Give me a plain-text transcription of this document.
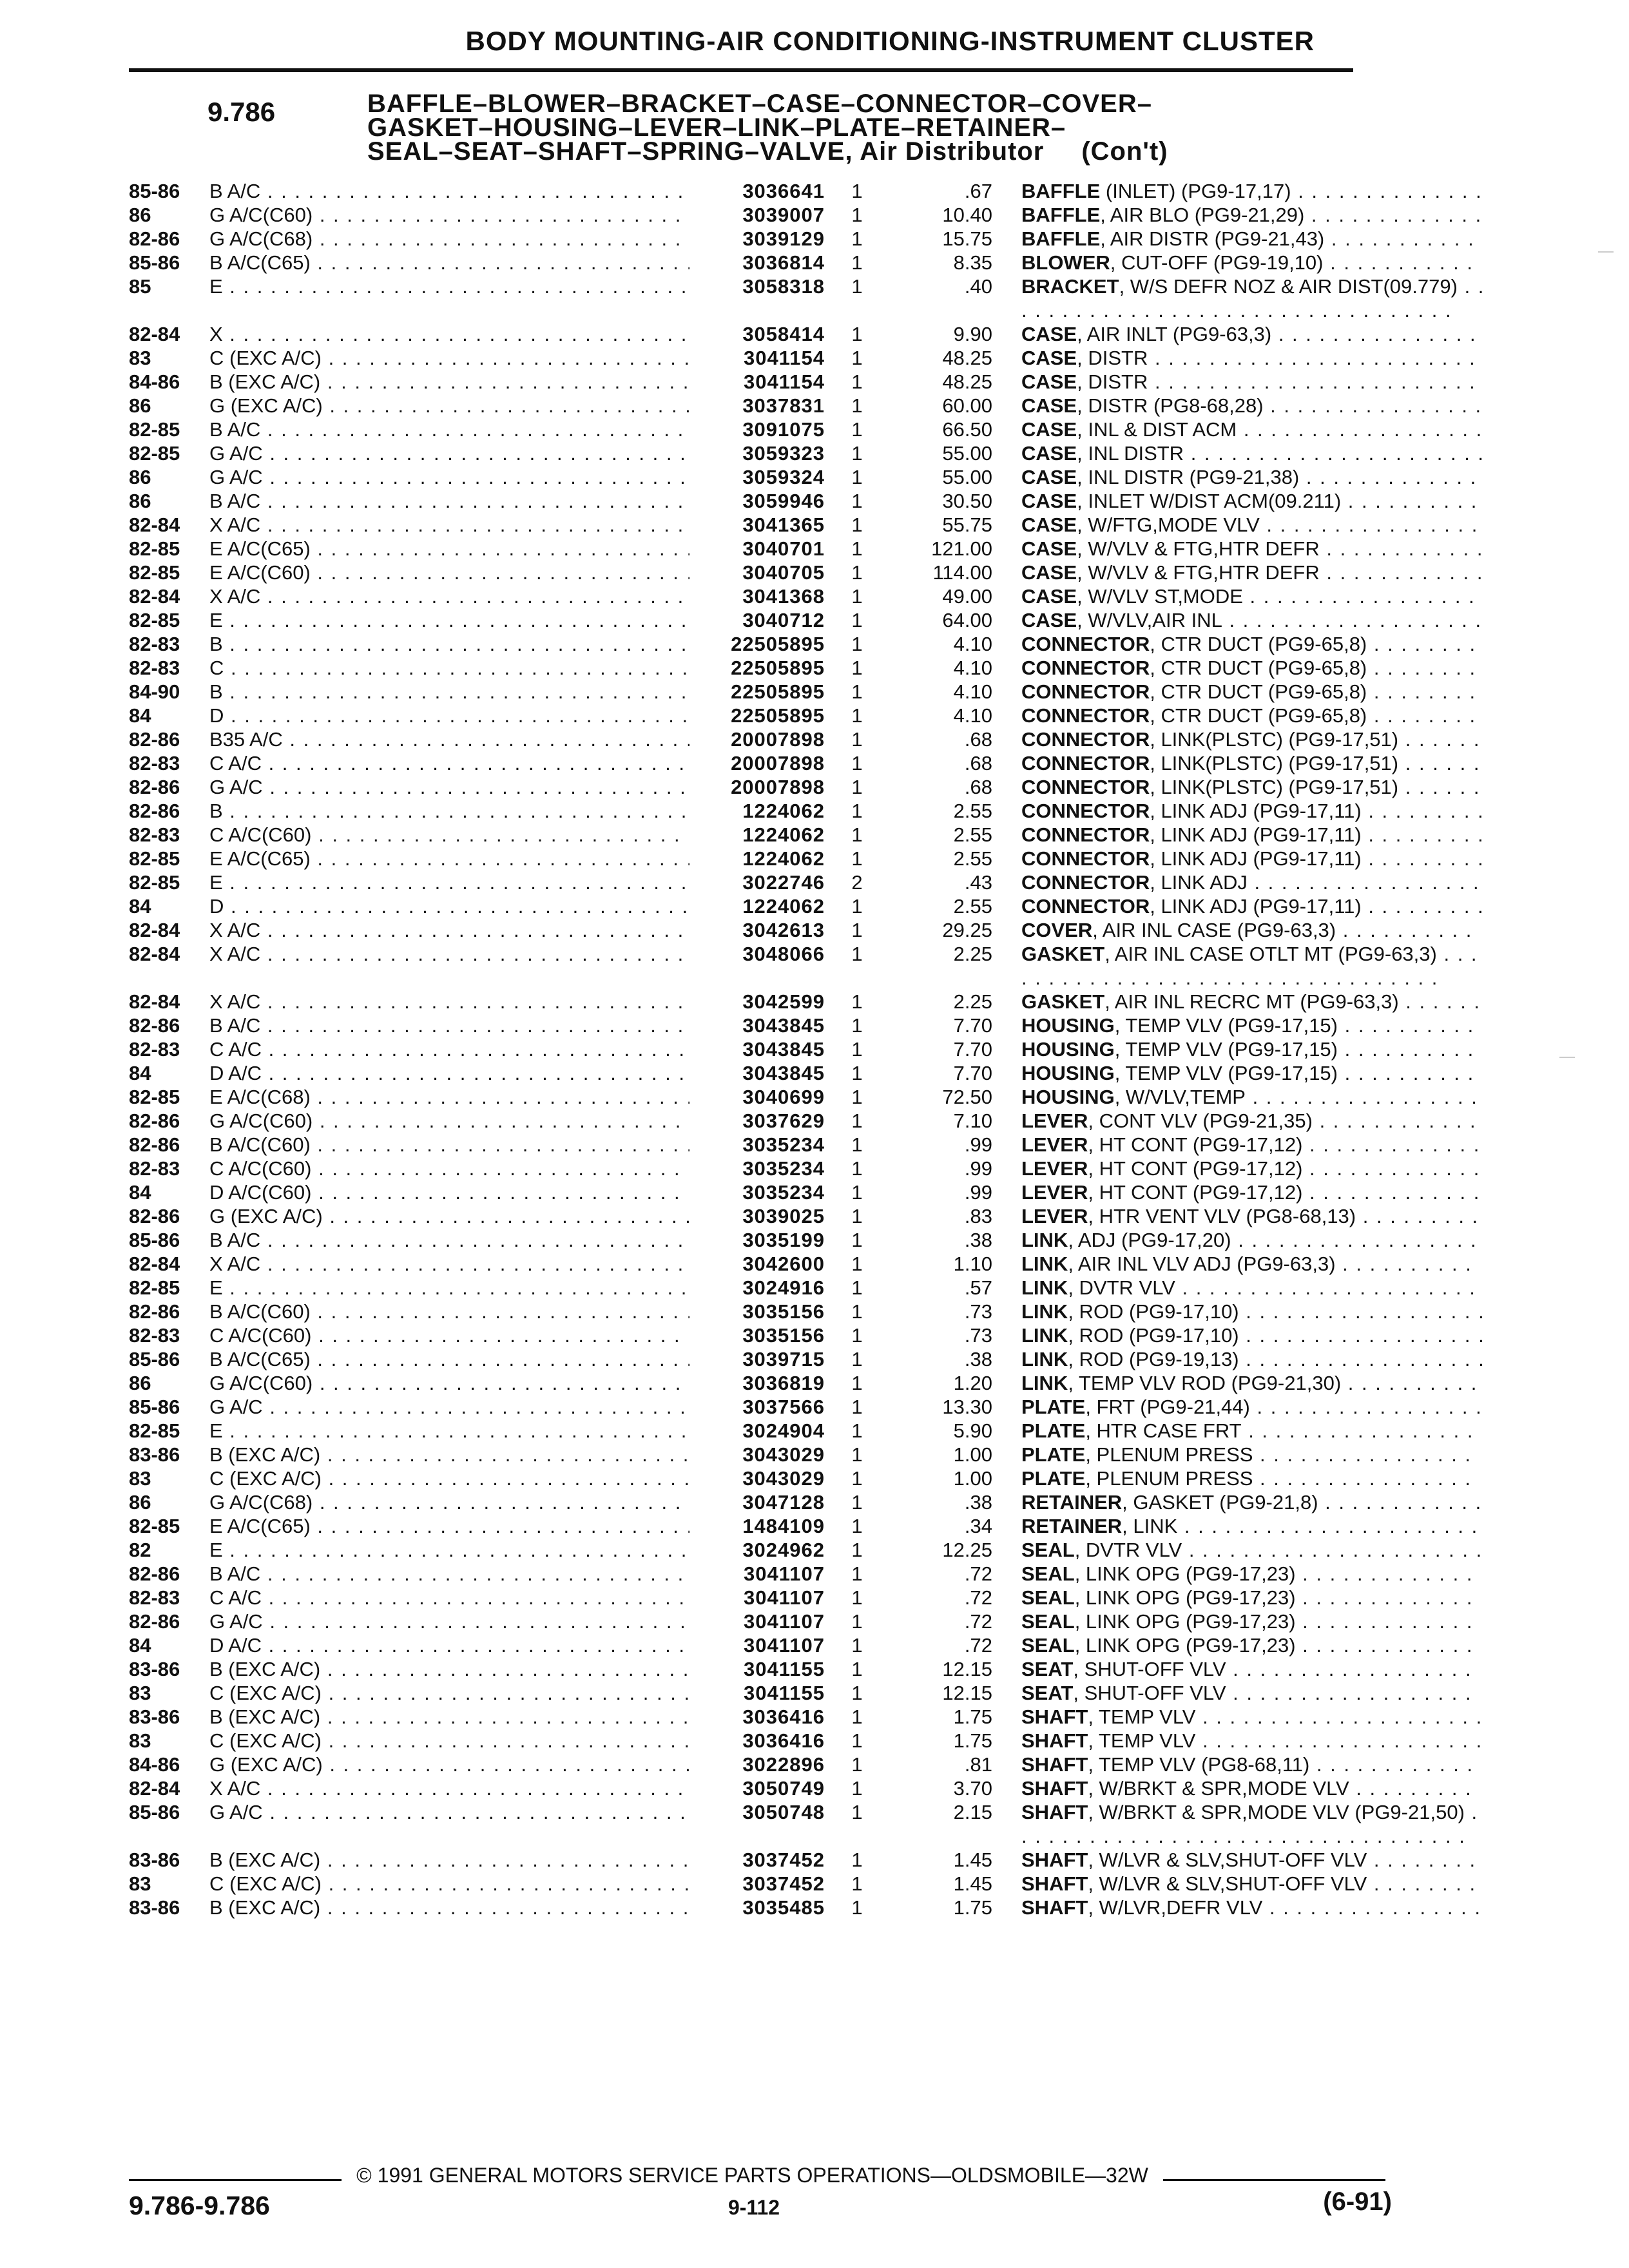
BODY MOUNTING-AIR CONDITIONING-INSTRUMENT CLUSTER
9.786	BAFFLE–BLOWER–BRACKET–CASE–CONNECTOR–COVER–
GASKET–HOUSING–LEVER–LINK–PLATE–RETAINER–
SEAL–SEAT–SHAFT–SPRING–VALVE, Air Distributor (Con't)
85-86	B A/C . . .	3036641	1	.67 BAFFLE (INLET) (PG9-17,17) . . . . . . . . . . . . . .
86	G A/C(C60) . . .	3039007	1	10.40 BAFFLE, AIR BLO (PG9-21,29) . . . . . . . . . . . . .
82-86	G A/C(C68) . . .	3039129	1	15.75 BAFFLE, AIR DISTR (PG9-21,43) . . . . . . . . . . .
85-86	B A/C(C65) . . .	3036814	1	8.35 BLOWER, CUT-OFF (PG9-19,10) . . . . . . . . . . .
85	E . . .	3058318	1	.40 BRACKET, W/S DEFR NOZ & AIR DIST(09.779) . . . . . . . . . . . . . . . . . . . . . . . . . . . . . . . . . .
82-84	X . . .	3058414	1	9.90 CASE, AIR INLT (PG9-63,3) . . . . . . . . . . . . . . .
83	C (EXC A/C) . . .	3041154	1	48.25 CASE, DISTR . . . . . . . . . . . . . . . . . . . . . . . .
84-86	B (EXC A/C) . . .	3041154	1	48.25 CASE, DISTR . . . . . . . . . . . . . . . . . . . . . . . .
86	G (EXC A/C) . . .	3037831	1	60.00 CASE, DISTR (PG8-68,28) . . . . . . . . . . . . . . . .
82-85	B A/C . . .	3091075	1	66.50 CASE, INL & DIST ACM . . . . . . . . . . . . . . . . . .
82-85	G A/C . . .	3059323	1	55.00 CASE, INL DISTR . . . . . . . . . . . . . . . . . . . . . .
86	G A/C . . .	3059324	1	55.00 CASE, INL DISTR (PG9-21,38) . . . . . . . . . . . . .
86	B A/C . . .	3059946	1	30.50 CASE, INLET W/DIST ACM(09.211) . . . . . . . . . .
82-84	X A/C . . .	3041365	1	55.75 CASE, W/FTG,MODE VLV . . . . . . . . . . . . . . . .
82-85	E A/C(C65) . . .	3040701	1	121.00 CASE, W/VLV & FTG,HTR DEFR . . . . . . . . . . . .
82-85	E A/C(C60) . . .	3040705	1	114.00 CASE, W/VLV & FTG,HTR DEFR . . . . . . . . . . . .
82-84	X A/C . . .	3041368	1	49.00 CASE, W/VLV ST,MODE . . . . . . . . . . . . . . . . .
82-85	E . . .	3040712	1	64.00 CASE, W/VLV,AIR INL . . . . . . . . . . . . . . . . . . .
82-83	B . . .	22505895	1	4.10 CONNECTOR, CTR DUCT (PG9-65,8) . . . . . . . .
82-83	C . . .	22505895	1	4.10 CONNECTOR, CTR DUCT (PG9-65,8) . . . . . . . .
84-90	B . . .	22505895	1	4.10 CONNECTOR, CTR DUCT (PG9-65,8) . . . . . . . .
84	D . . .	22505895	1	4.10 CONNECTOR, CTR DUCT (PG9-65,8) . . . . . . . .
82-86	B35 A/C . . .	20007898	1	.68 CONNECTOR, LINK(PLSTC) (PG9-17,51) . . . . . .
82-83	C A/C . . .	20007898	1	.68 CONNECTOR, LINK(PLSTC) (PG9-17,51) . . . . . .
82-86	G A/C . . .	20007898	1	.68 CONNECTOR, LINK(PLSTC) (PG9-17,51) . . . . . .
82-86	B . . .	1224062	1	2.55 CONNECTOR, LINK ADJ (PG9-17,11) . . . . . . . . .
82-83	C A/C(C60) . . .	1224062	1	2.55 CONNECTOR, LINK ADJ (PG9-17,11) . . . . . . . . .
82-85	E A/C(C65) . . .	1224062	1	2.55 CONNECTOR, LINK ADJ (PG9-17,11) . . . . . . . . .
82-85	E . . .	3022746	2	.43 CONNECTOR, LINK ADJ . . . . . . . . . . . . . . . . .
84	D . . .	1224062	1	2.55 CONNECTOR, LINK ADJ (PG9-17,11) . . . . . . . . .
82-84	X A/C . . .	3042613	1	29.25 COVER, AIR INL CASE (PG9-63,3) . . . . . . . . . .
82-84	X A/C . . .	3048066	1	2.25 GASKET, AIR INL CASE OTLT MT (PG9-63,3) . . . . . . . . . . . . . . . . . . . . . . . . . . . . . . . . . .
82-84	X A/C . . .	3042599	1	2.25 GASKET, AIR INL RECRC MT (PG9-63,3) . . . . . .
82-86	B A/C . . .	3043845	1	7.70 HOUSING, TEMP VLV (PG9-17,15) . . . . . . . . . .
82-83	C A/C . . .	3043845	1	7.70 HOUSING, TEMP VLV (PG9-17,15) . . . . . . . . . .
84	D A/C . . .	3043845	1	7.70 HOUSING, TEMP VLV (PG9-17,15) . . . . . . . . . .
82-85	E A/C(C68) . . .	3040699	1	72.50 HOUSING, W/VLV,TEMP . . . . . . . . . . . . . . . . .
82-86	G A/C(C60) . . .	3037629	1	7.10 LEVER, CONT VLV (PG9-21,35) . . . . . . . . . . . .
82-86	B A/C(C60) . . .	3035234	1	.99 LEVER, HT CONT (PG9-17,12) . . . . . . . . . . . . .
82-83	C A/C(C60) . . .	3035234	1	.99 LEVER, HT CONT (PG9-17,12) . . . . . . . . . . . . .
84	D A/C(C60) . . .	3035234	1	.99 LEVER, HT CONT (PG9-17,12) . . . . . . . . . . . . .
82-86	G (EXC A/C) . . .	3039025	1	.83 LEVER, HTR VENT VLV (PG8-68,13) . . . . . . . . .
85-86	B A/C . . .	3035199	1	.38 LINK, ADJ (PG9-17,20) . . . . . . . . . . . . . . . . . .
82-84	X A/C . . .	3042600	1	1.10 LINK, AIR INL VLV ADJ (PG9-63,3) . . . . . . . . . .
82-85	E . . .	3024916	1	.57 LINK, DVTR VLV . . . . . . . . . . . . . . . . . . . . . .
82-86	B A/C(C60) . . .	3035156	1	.73 LINK, ROD (PG9-17,10) . . . . . . . . . . . . . . . . . .
82-83	C A/C(C60) . . .	3035156	1	.73 LINK, ROD (PG9-17,10) . . . . . . . . . . . . . . . . . .
85-86	B A/C(C65) . . .	3039715	1	.38 LINK, ROD (PG9-19,13) . . . . . . . . . . . . . . . . . .
86	G A/C(C60) . . .	3036819	1	1.20 LINK, TEMP VLV ROD (PG9-21,30) . . . . . . . . . .
85-86	G A/C . . .	3037566	1	13.30 PLATE, FRT (PG9-21,44) . . . . . . . . . . . . . . . . .
82-85	E . . .	3024904	1	5.90 PLATE, HTR CASE FRT . . . . . . . . . . . . . . . . .
83-86	B (EXC A/C) . . .	3043029	1	1.00 PLATE, PLENUM PRESS . . . . . . . . . . . . . . . .
83	C (EXC A/C) . . .	3043029	1	1.00 PLATE, PLENUM PRESS . . . . . . . . . . . . . . . .
86	G A/C(C68) . . .	3047128	1	.38 RETAINER, GASKET (PG9-21,8) . . . . . . . . . . . .
82-85	E A/C(C65) . . .	1484109	1	.34 RETAINER, LINK . . . . . . . . . . . . . . . . . . . . . .
82	E . . .	3024962	1	12.25 SEAL, DVTR VLV . . . . . . . . . . . . . . . . . . . . . .
82-86	B A/C . . .	3041107	1	.72 SEAL, LINK OPG (PG9-17,23) . . . . . . . . . . . . .
82-83	C A/C . . .	3041107	1	.72 SEAL, LINK OPG (PG9-17,23) . . . . . . . . . . . . .
82-86	G A/C . . .	3041107	1	.72 SEAL, LINK OPG (PG9-17,23) . . . . . . . . . . . . .
84	D A/C . . .	3041107	1	.72 SEAL, LINK OPG (PG9-17,23) . . . . . . . . . . . . .
83-86	B (EXC A/C) . . .	3041155	1	12.15 SEAT, SHUT-OFF VLV . . . . . . . . . . . . . . . . . .
83	C (EXC A/C) . . .	3041155	1	12.15 SEAT, SHUT-OFF VLV . . . . . . . . . . . . . . . . . .
83-86	B (EXC A/C) . . .	3036416	1	1.75 SHAFT, TEMP VLV . . . . . . . . . . . . . . . . . . . . .
83	C (EXC A/C) . . .	3036416	1	1.75 SHAFT, TEMP VLV . . . . . . . . . . . . . . . . . . . . .
84-86	G (EXC A/C) . . .	3022896	1	.81 SHAFT, TEMP VLV (PG8-68,11) . . . . . . . . . . . .
82-84	X A/C . . .	3050749	1	3.70 SHAFT, W/BRKT & SPR,MODE VLV . . . . . . . . .
85-86	G A/C . . .	3050748	1	2.15 SHAFT, W/BRKT & SPR,MODE VLV (PG9-21,50) . . . . . . . . . . . . . . . . . . . . . . . . . . . . . . . . . .
83-86	B (EXC A/C) . . .	3037452	1	1.45 SHAFT, W/LVR & SLV,SHUT-OFF VLV . . . . . . . .
83	C (EXC A/C) . . .	3037452	1	1.45 SHAFT, W/LVR & SLV,SHUT-OFF VLV . . . . . . . .
83-86	B (EXC A/C) . . .	3035485	1	1.75 SHAFT, W/LVR,DEFR VLV . . . . . . . . . . . . . . . .
© 1991 GENERAL MOTORS SERVICE PARTS OPERATIONS—OLDSMOBILE—32W
9.786-9.786	9-112	(6-91)
